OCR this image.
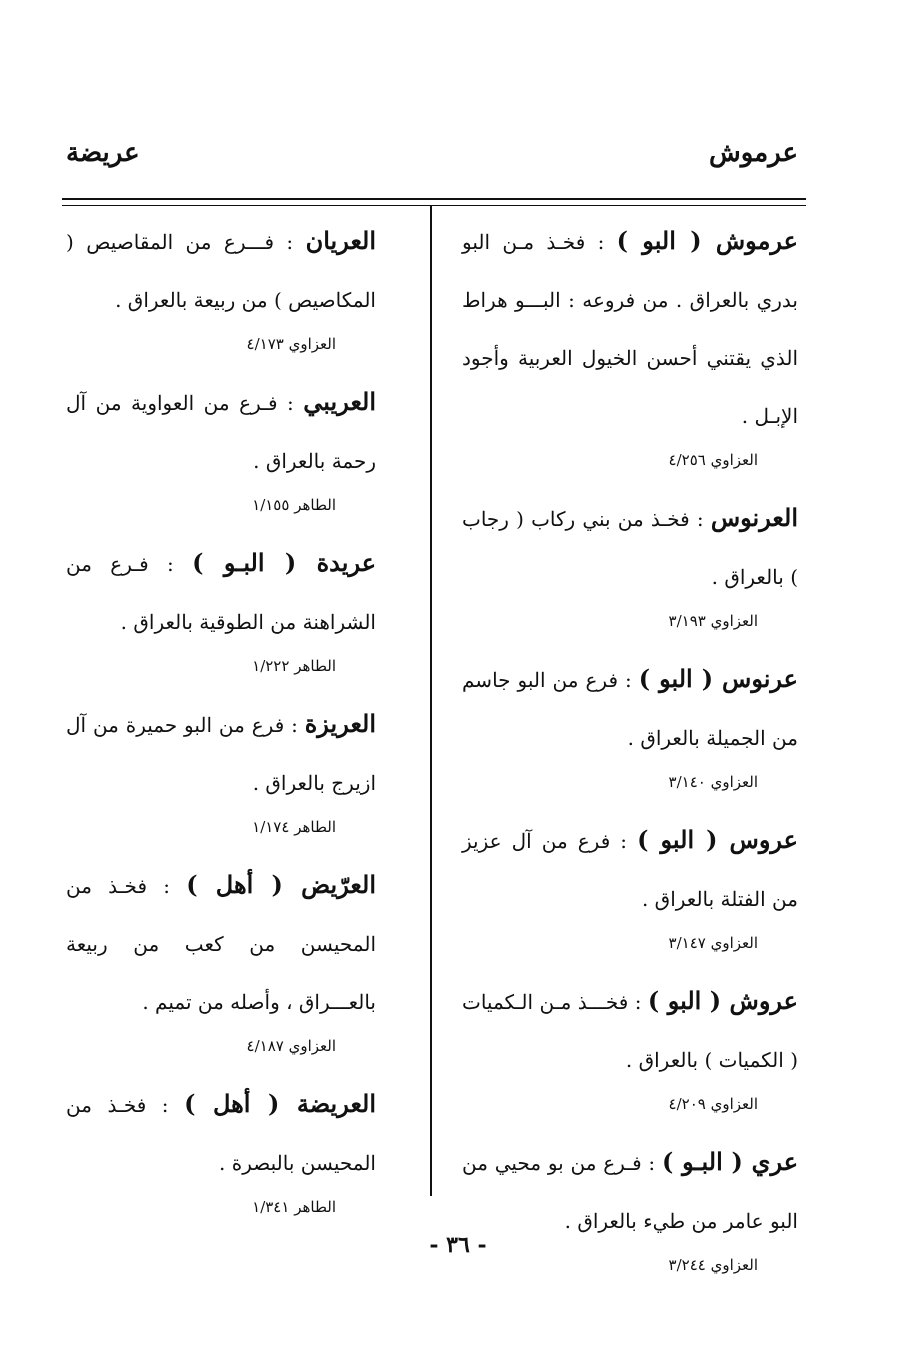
عرموش
عريضة

عرموش ( البو ) : فخـذ مـن البو بدري بالعراق . من فروعه : البـــو هراط الذي يقتني أحسن الخيول العربية وأجود الإبـل .

العزاوي ٤/٢٥٦

العرنوس : فخـذ من بني ركاب ( رجاب ) بالعراق .

العزاوي ٣/١٩٣

عرنوس ( البو ) : فرع من البو جاسم من الجميلة بالعراق .

العزاوي ٣/١٤٠

عروس ( البو ) : فرع من آل عزيز من الفتلة بالعراق .

العزاوي ٣/١٤٧

عروش ( البو ) : فخـــذ مـن الـكميات ( الكميات ) بالعراق .

العزاوي ٤/٢٠٩

عري ( البـو ) : فـرع من بو محيي من البو عامر من طيء بالعراق .

العزاوي ٣/٢٤٤

العريان : فـــرع من المقاصيص ( المكاصيص ) من ربيعة بالعراق .

العزاوي ٤/١٧٣

العريبي : فـرع من العواوية من آل رحمة بالعراق .

الطاهر ١/١٥٥

عريدة ( البـو ) : فـرع من الشراهنة من الطوقية بالعراق .

الطاهر ١/٢٢٢

العريزة : فرع من البو حميرة من آل ازيرج بالعراق .

الطاهر ١/١٧٤

العرّيض ( أهل ) : فخـذ من المحيسن من كعب من ربيعة بالعـــراق ، وأصله من تميم .

العزاوي ٤/١٨٧

العريضة ( أهل ) : فخـذ من المحيسن بالبصرة .

الطاهر ١/٣٤١

- ٣٦ -
